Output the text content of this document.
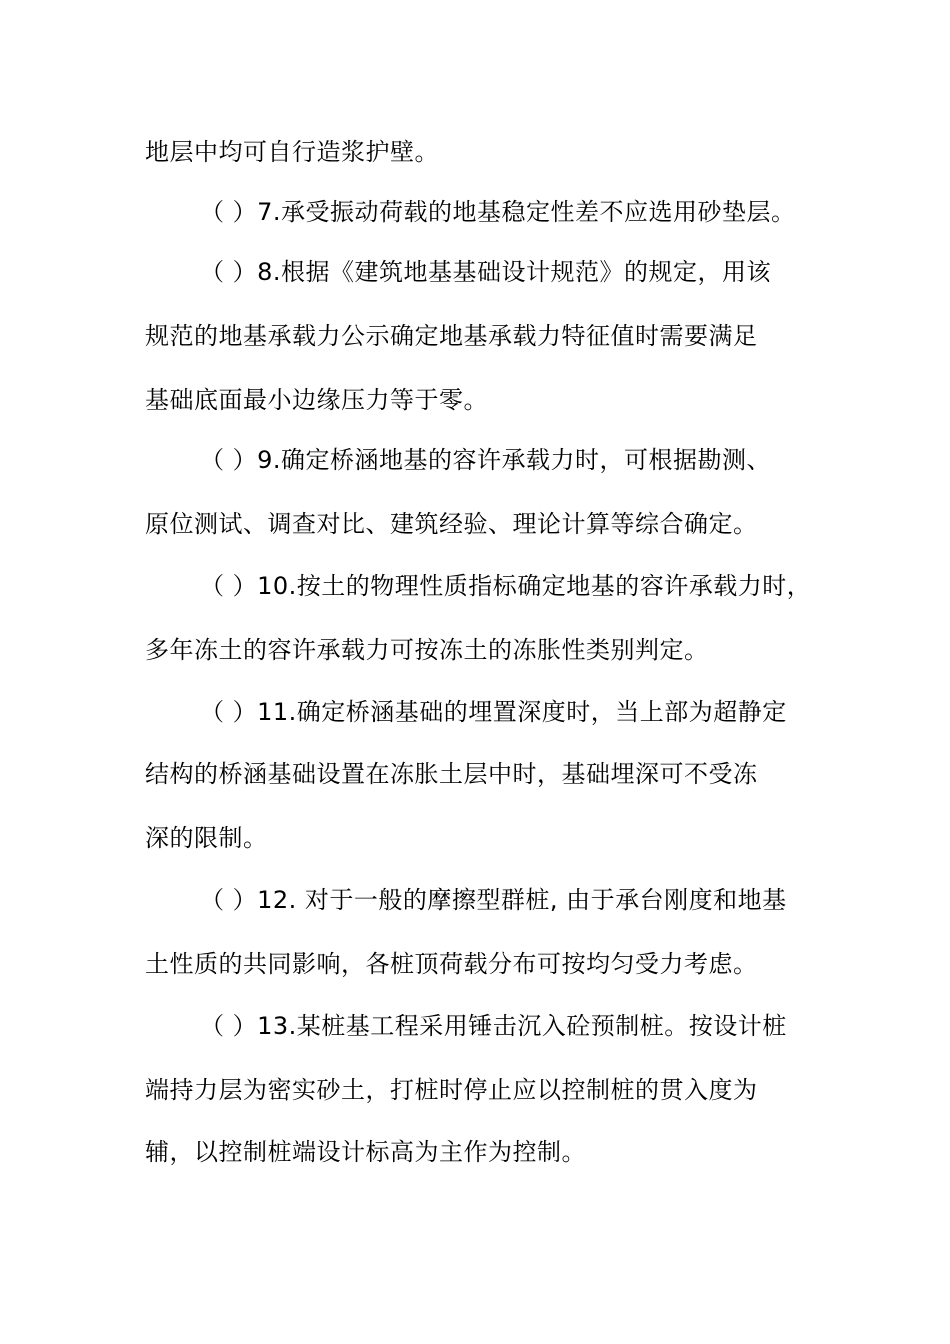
地层中均可自行造浆护壁。
（ ）7.承受振动荷载的地基稳定性差不应选用砂垫层。
（ ）8.根据《建筑地基基础设计规范》的规定，用该
规范的地基承载力公示确定地基承载力特征值时需要满足
基础底面最小边缘压力等于零。
（ ）9.确定桥涵地基的容许承载力时，可根据勘测、
原位测试、调查对比、建筑经验、理论计算等综合确定。
（ ）10.按土的物理性质指标确定地基的容许承载力时，
多年冻土的容许承载力可按冻土的冻胀性类别判定。
（ ）11.确定桥涵基础的埋置深度时，当上部为超静定
结构的桥涵基础设置在冻胀土层中时，基础埋深可不受冻
深的限制。
（ ）12. 对于一般的摩擦型群桩, 由于承台刚度和地基
土性质的共同影响，各桩顶荷载分布可按均匀受力考虑。
（ ）13.某桩基工程采用锤击沉入砼预制桩。按设计桩
端持力层为密实砂土，打桩时停止应以控制桩的贯入度为
辅，以控制桩端设计标高为主作为控制。
